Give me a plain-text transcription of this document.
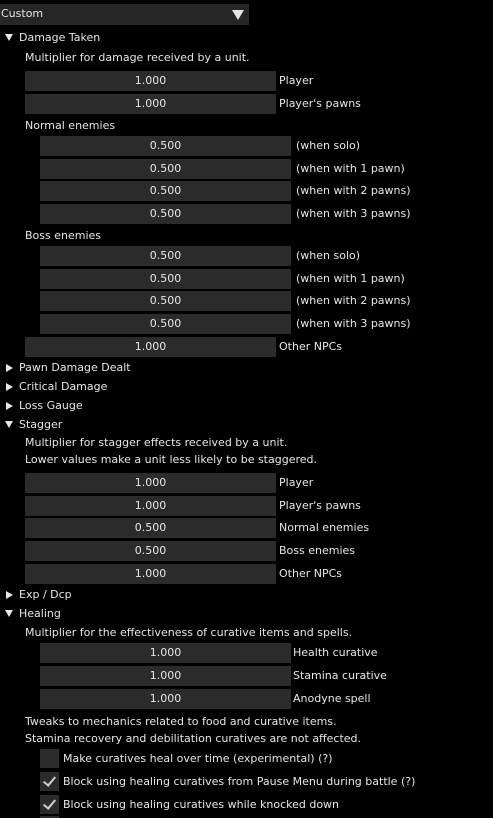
Custom
Damage Taken
Multiplier for damage received by a unit.
1.000	Player
1.000	Player's pawns
Normal enemies
0.500	(when solo)
0.500	(when with 1 pawn)
0.500	(when with 2 pawns)
0.500	(when with 3 pawns)
Boss enemies
0.500	(when solo)
0.500	(when with 1 pawn)
0.500	(when with 2 pawns)
0.500	(when with 3 pawns)
1.000	Other NPCs
Pawn Damage Dealt
Critical Damage
Loss Gauge
Stagger
Multiplier for stagger effects received by a unit.
Lower values make a unit less likely to be staggered.
1.000	Player
1.000	Player's pawns
0.500	Normal enemies
0.500	Boss enemies
1.000	Other NPCs
Exp / Dcp
Healing
Multiplier for the effectiveness of curative items and spells.
1.000	Health curative
1.000	Stamina curative
1.000	Anodyne spell
Tweaks to mechanics related to food and curative items.
Stamina recovery and debilitation curatives are not affected.
Make curatives heal over time (experimental) (?)
Block using healing curatives from Pause Menu during battle (?)
Block using healing curatives while knocked down
